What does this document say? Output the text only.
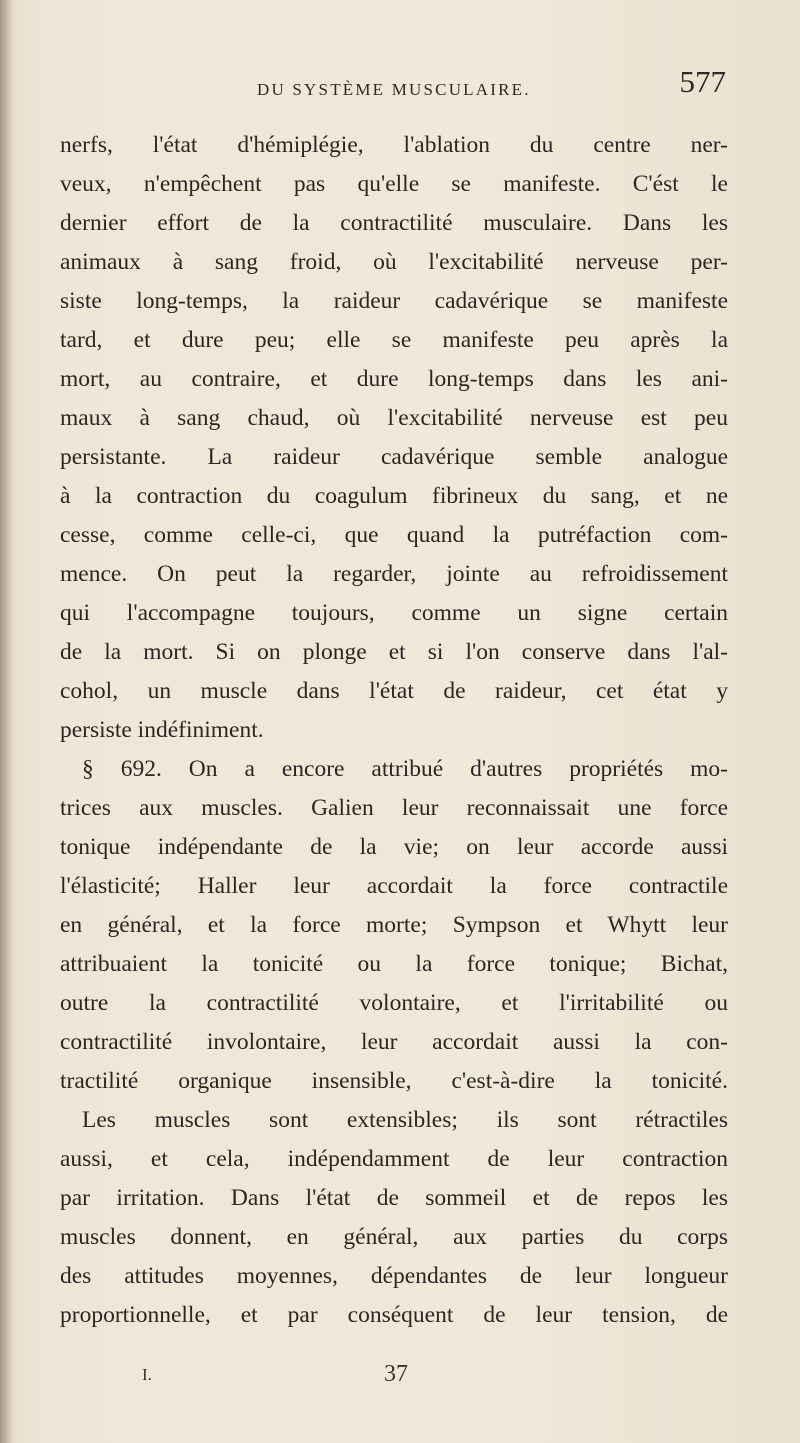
DU SYSTÈME MUSCULAIRE.	577
nerfs, l'état d'hémiplégie, l'ablation du centre ner-
veux, n'empêchent pas qu'elle se manifeste. C'ést le
dernier effort de la contractilité musculaire. Dans les
animaux à sang froid, où l'excitabilité nerveuse per-
siste long-temps, la raideur cadavérique se manifeste
tard, et dure peu; elle se manifeste peu après la
mort, au contraire, et dure long-temps dans les ani-
maux à sang chaud, où l'excitabilité nerveuse est peu
persistante. La raideur cadavérique semble analogue
à la contraction du coagulum fibrineux du sang, et ne
cesse, comme celle-ci, que quand la putréfaction com-
mence. On peut la regarder, jointe au refroidissement
qui l'accompagne toujours, comme un signe certain
de la mort. Si on plonge et si l'on conserve dans l'al-
cohol, un muscle dans l'état de raideur, cet état y
persiste indéfiniment.
§ 692. On a encore attribué d'autres propriétés mo-
trices aux muscles. Galien leur reconnaissait une force
tonique indépendante de la vie; on leur accorde aussi
l'élasticité; Haller leur accordait la force contractile
en général, et la force morte; Sympson et Whytt leur
attribuaient la tonicité ou la force tonique; Bichat,
outre la contractilité volontaire, et l'irritabilité ou
contractilité involontaire, leur accordait aussi la con-
tractilité organique insensible, c'est-à-dire la tonicité.
Les muscles sont extensibles; ils sont rétractiles
aussi, et cela, indépendamment de leur contraction
par irritation. Dans l'état de sommeil et de repos les
muscles donnent, en général, aux parties du corps
des attitudes moyennes, dépendantes de leur longueur
proportionnelle, et par conséquent de leur tension, de
I.	37
